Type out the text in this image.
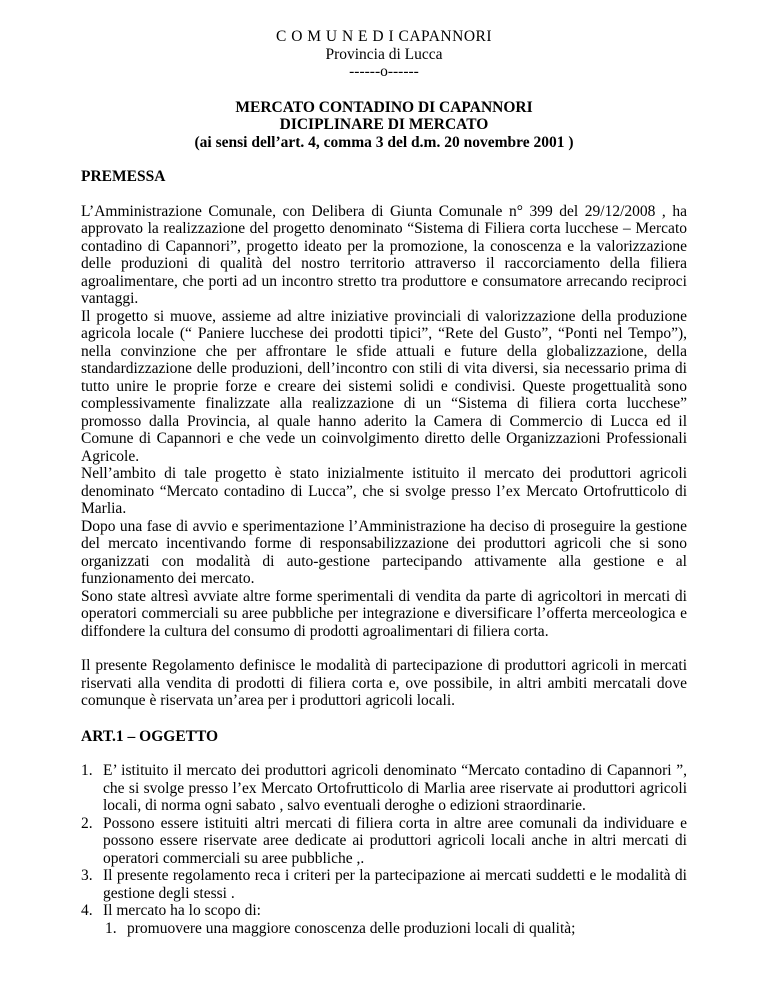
C O M U N E D I CAPANNORI
Provincia di Lucca
------o------
MERCATO CONTADINO DI CAPANNORI
DICIPLINARE DI MERCATO
(ai sensi dell’art. 4, comma 3 del d.m. 20 novembre 2001 )
PREMESSA

L’Amministrazione Comunale, con Delibera di Giunta Comunale n° 399 del 29/12/2008 , ha approvato la realizzazione del progetto denominato “Sistema di Filiera corta lucchese – Mercato contadino di Capannori”, progetto ideato per la promozione, la conoscenza e la valorizzazione delle produzioni di qualità del nostro territorio attraverso il raccorciamento della filiera agroalimentare, che porti ad un incontro stretto tra produttore e consumatore arrecando reciproci vantaggi.

Il progetto si muove, assieme ad altre iniziative provinciali di valorizzazione della produzione agricola locale (“ Paniere lucchese dei prodotti tipici”, “Rete del Gusto”, “Ponti nel Tempo”), nella convinzione che per affrontare le sfide attuali e future della globalizzazione, della standardizzazione delle produzioni, dell’incontro con stili di vita diversi, sia necessario prima di tutto unire le proprie forze e creare dei sistemi solidi e condivisi. Queste progettualità sono complessivamente finalizzate alla realizzazione di un “Sistema di filiera corta lucchese” promosso dalla Provincia, al quale hanno aderito la Camera di Commercio di Lucca ed il Comune di Capannori e che vede un coinvolgimento diretto delle Organizzazioni Professionali Agricole.

Nell’ambito di tale progetto è stato inizialmente istituito il mercato dei produttori agricoli denominato “Mercato contadino di Lucca”, che si svolge presso l’ex Mercato Ortofrutticolo di Marlia.

Dopo una fase di avvio e sperimentazione l’Amministrazione ha deciso di proseguire la gestione del mercato incentivando forme di responsabilizzazione dei produttori agricoli che si sono organizzati con modalità di auto-gestione partecipando attivamente alla gestione e al funzionamento dei mercato.

Sono state altresì avviate altre forme sperimentali di vendita da parte di agricoltori in mercati di operatori commerciali su aree pubbliche per integrazione e diversificare l’offerta merceologica e diffondere la cultura del consumo di prodotti agroalimentari di filiera corta.

Il presente Regolamento definisce le modalità di partecipazione di produttori agricoli in mercati riservati alla vendita di prodotti di filiera corta e, ove possibile, in altri ambiti mercatali dove comunque è riservata un’area per i produttori agricoli locali.

ART.1 – OGGETTO
1. E’ istituito il mercato dei produttori agricoli denominato “Mercato contadino di Capannori ”, che si svolge presso l’ex Mercato Ortofrutticolo di Marlia aree riservate ai produttori agricoli locali, di norma ogni sabato , salvo eventuali deroghe o edizioni straordinarie.
2. Possono essere istituiti altri mercati di filiera corta in altre aree comunali da individuare e possono essere riservate aree dedicate ai produttori agricoli locali anche in altri mercati di operatori commerciali su aree pubbliche ,.
3. Il presente regolamento reca i criteri per la partecipazione ai mercati suddetti e le modalità di gestione degli stessi .
4. Il mercato ha lo scopo di:
1. promuovere una maggiore conoscenza delle produzioni locali di qualità;
